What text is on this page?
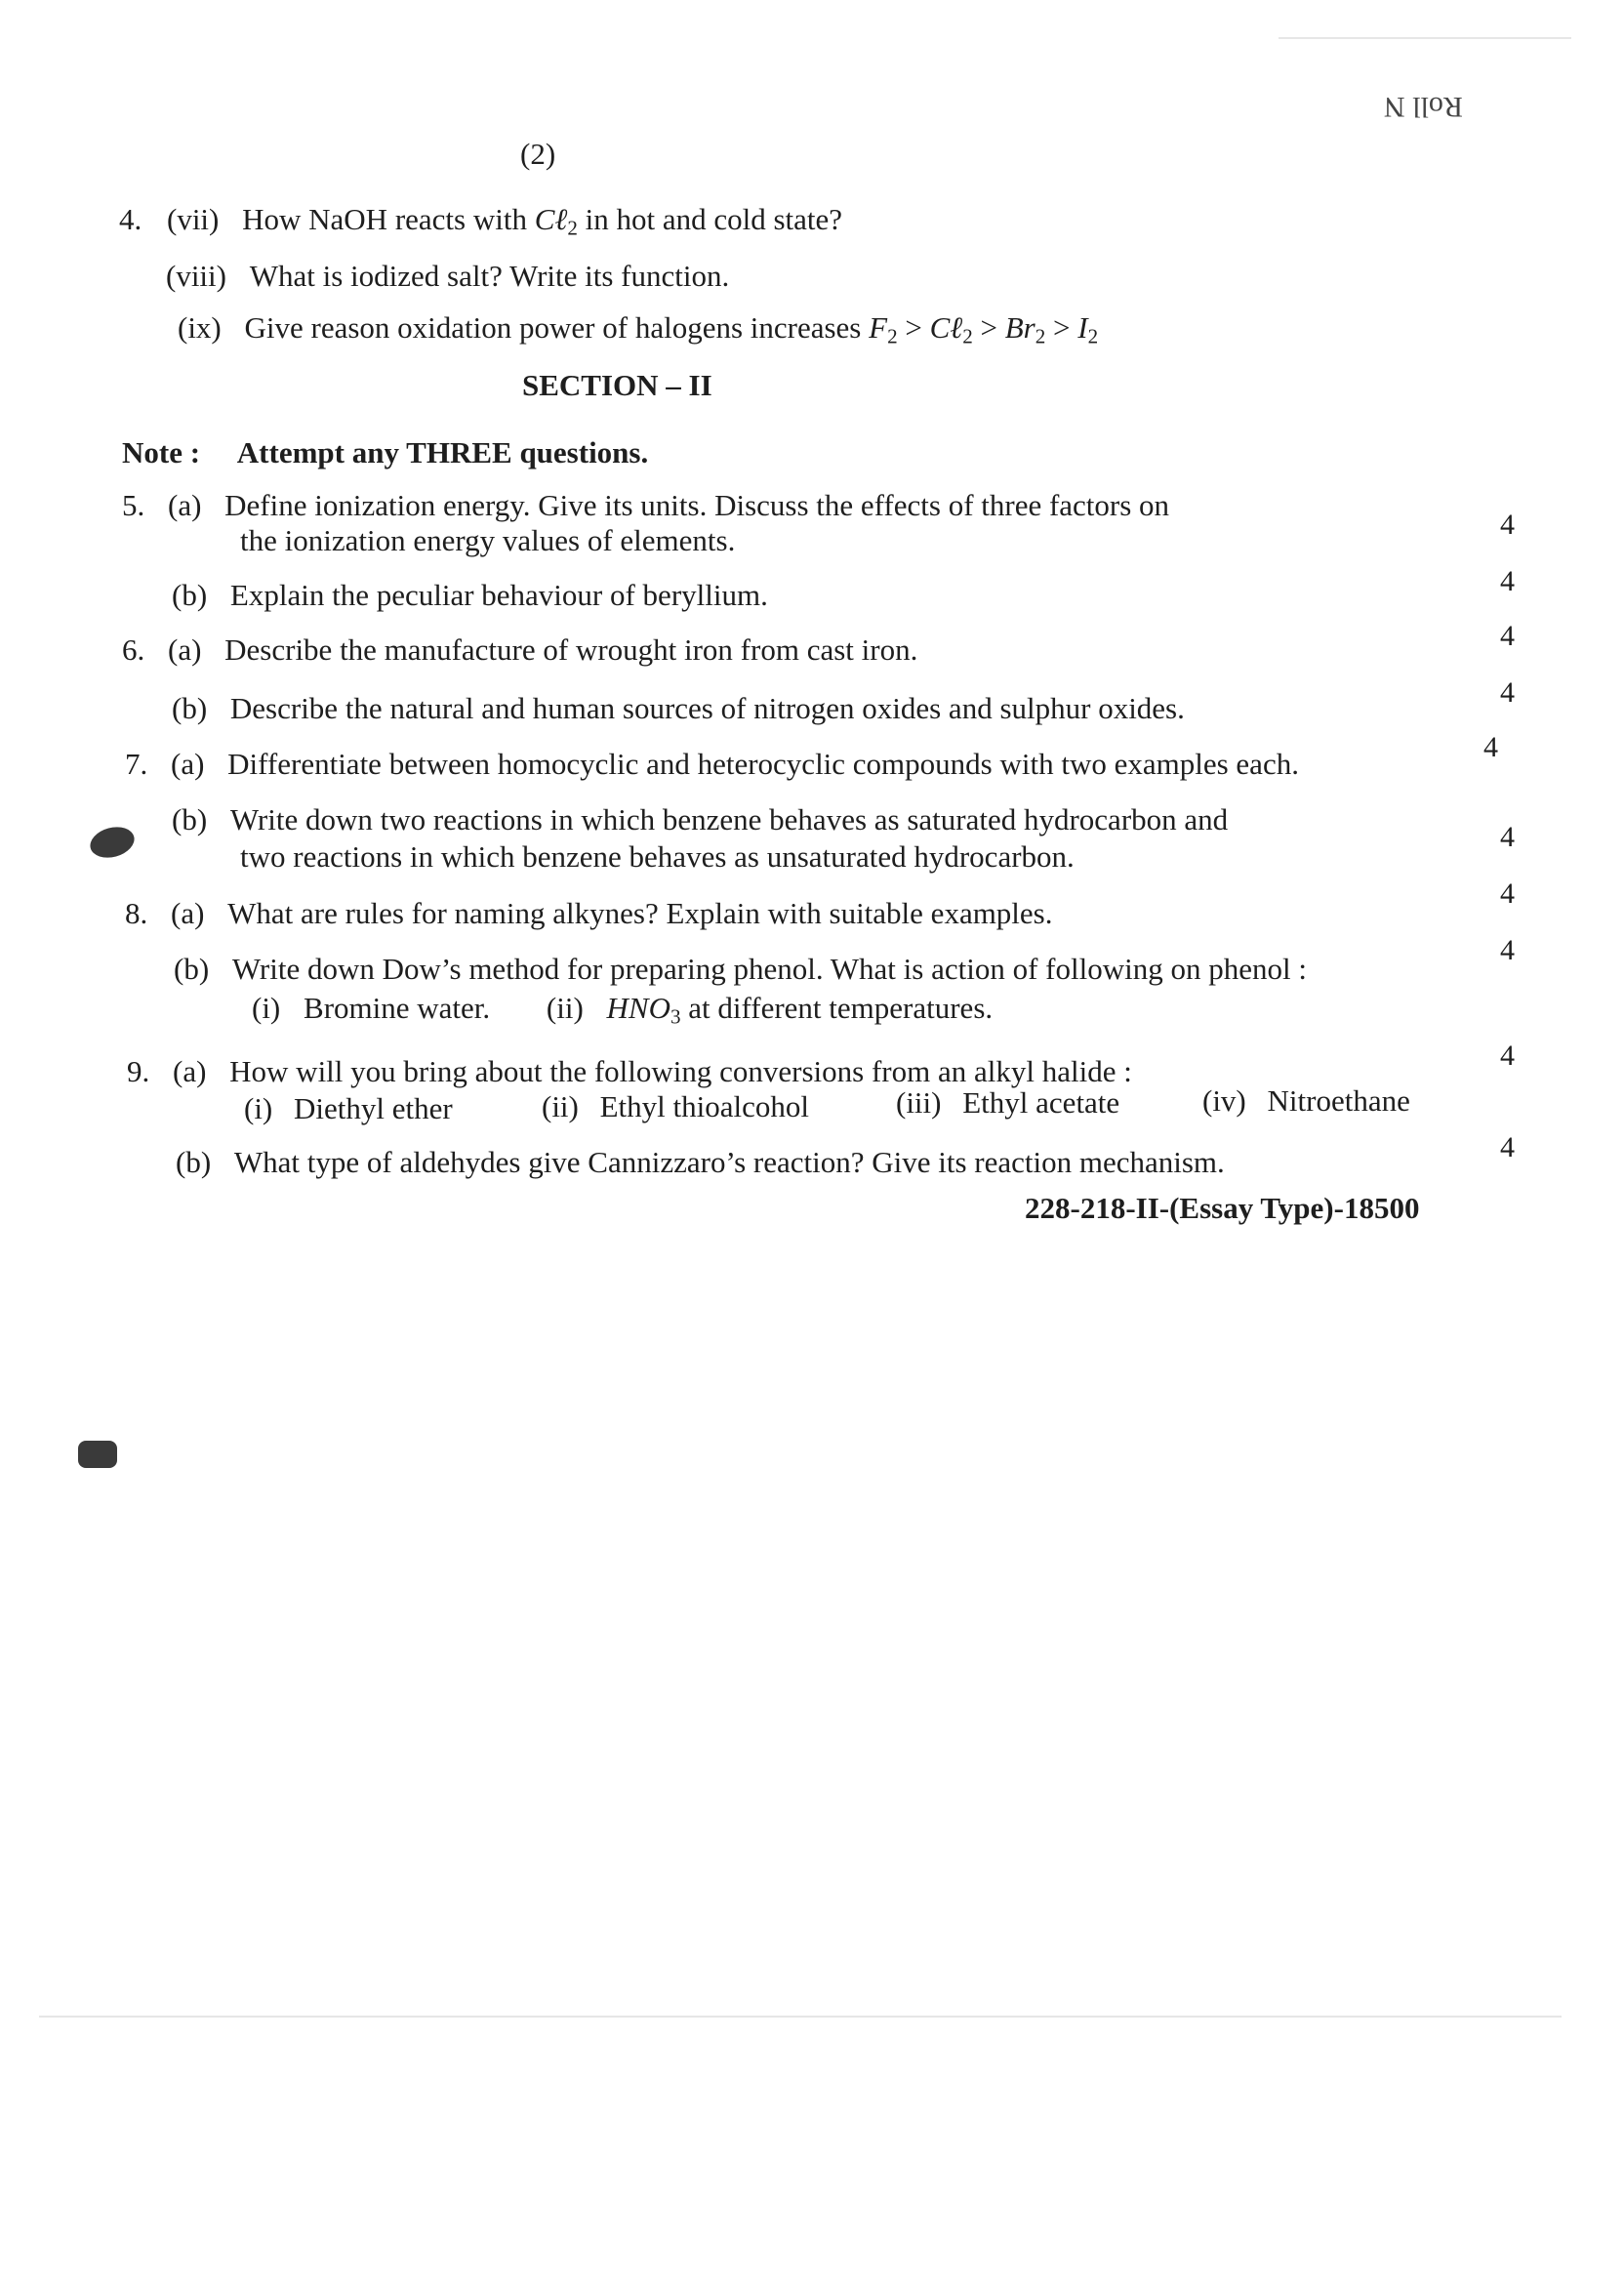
(2)
Roll N
4. (vii) How NaOH reacts with Cℓ$_2$ in hot and cold state?
(viii) What is iodized salt? Write its function.
(ix) Give reason oxidation power of halogens increases $F_2$ > Cℓ$_2$ > $Br_2 > I_2$
SECTION – II
Note : Attempt any THREE questions.
5. (a) Define ionization energy. Give its units. Discuss the effects of three factors on
the ionization energy values of elements.	4
(b) Explain the peculiar behaviour of beryllium.	4
6. (a) Describe the manufacture of wrought iron from cast iron.	4
(b) Describe the natural and human sources of nitrogen oxides and sulphur oxides.	4
7. (a) Differentiate between homocyclic and heterocyclic compounds with two examples each.	4
(b) Write down two reactions in which benzene behaves as saturated hydrocarbon and
two reactions in which benzene behaves as unsaturated hydrocarbon.
4
8. (a) What are rules for naming alkynes? Explain with suitable examples.
4
(b) Write down Dow’s method for preparing phenol. What is action of following on phenol :
(i) Bromine water. (ii) $HNO_3$ at different temperatures.
4
9. (a) How will you bring about the following conversions from an alkyl halide :	4
(i) Diethyl ether	(ii) Ethyl thioalcohol	(iii) Ethyl acetate	(iv) Nitroethane
(b) What type of aldehydes give Cannizzaro’s reaction? Give its reaction mechanism.	4
228-218-II-(Essay Type)-18500
